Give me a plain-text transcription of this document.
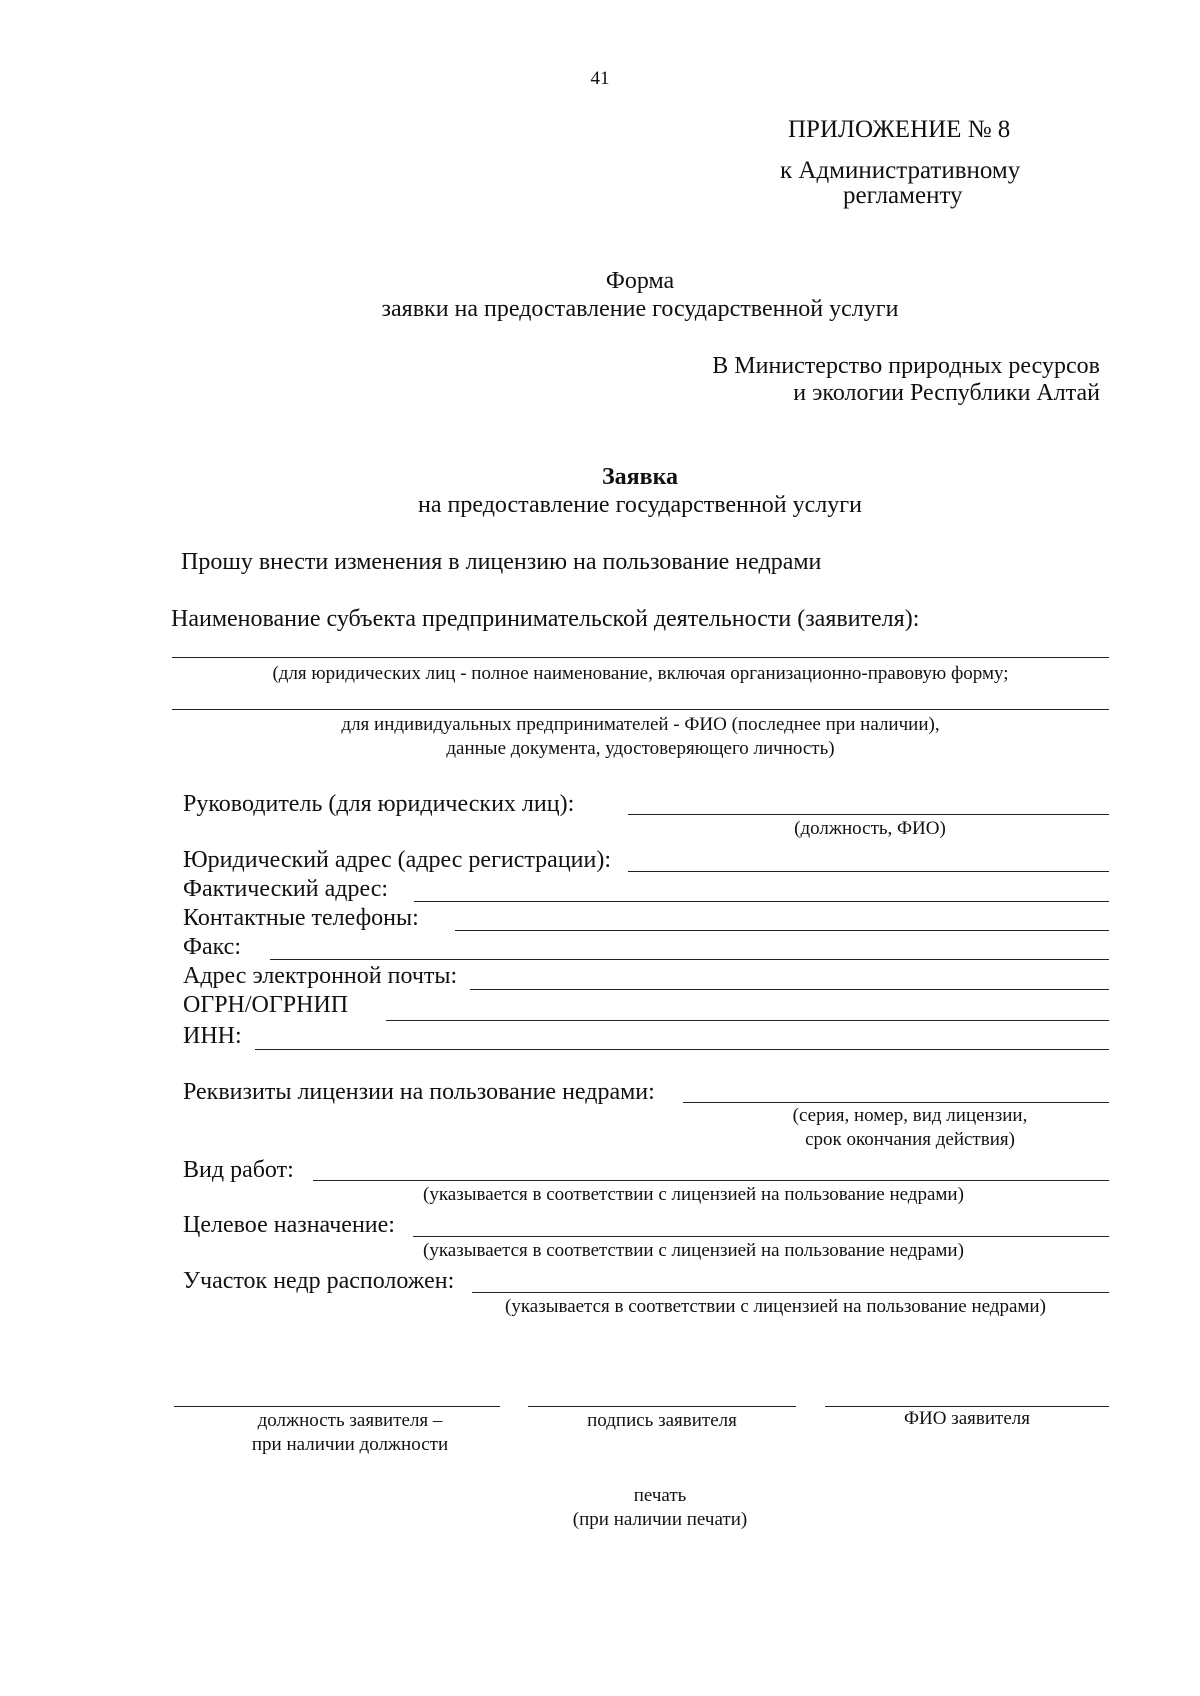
41
ПРИЛОЖЕНИЕ № 8
к Административному
регламенту
Форма
заявки на предоставление государственной услуги
В Министерство природных ресурсов
и экологии Республики Алтай
Заявка
на предоставление государственной услуги
Прошу внести изменения в лицензию на пользование недрами
Наименование субъекта предпринимательской деятельности (заявителя):
(для юридических лиц - полное наименование, включая организационно-правовую форму;
для индивидуальных предпринимателей - ФИО (последнее при наличии),
данные документа, удостоверяющего личность)
Руководитель (для юридических лиц):
(должность, ФИО)
Юридический адрес (адрес регистрации):
Фактический адрес:
Контактные телефоны:
Факс:
Адрес электронной почты:
ОГРН/ОГРНИП
ИНН:
Реквизиты лицензии на пользование недрами:
(серия, номер, вид лицензии,
срок окончания действия)
Вид работ:
(указывается в соответствии с лицензией на пользование недрами)
Целевое назначение:
(указывается в соответствии с лицензией на пользование недрами)
Участок недр расположен:
(указывается в соответствии с лицензией на пользование недрами)
должность заявителя –
при наличии должности
подпись заявителя	ФИО заявителя
печать
(при наличии печати)
